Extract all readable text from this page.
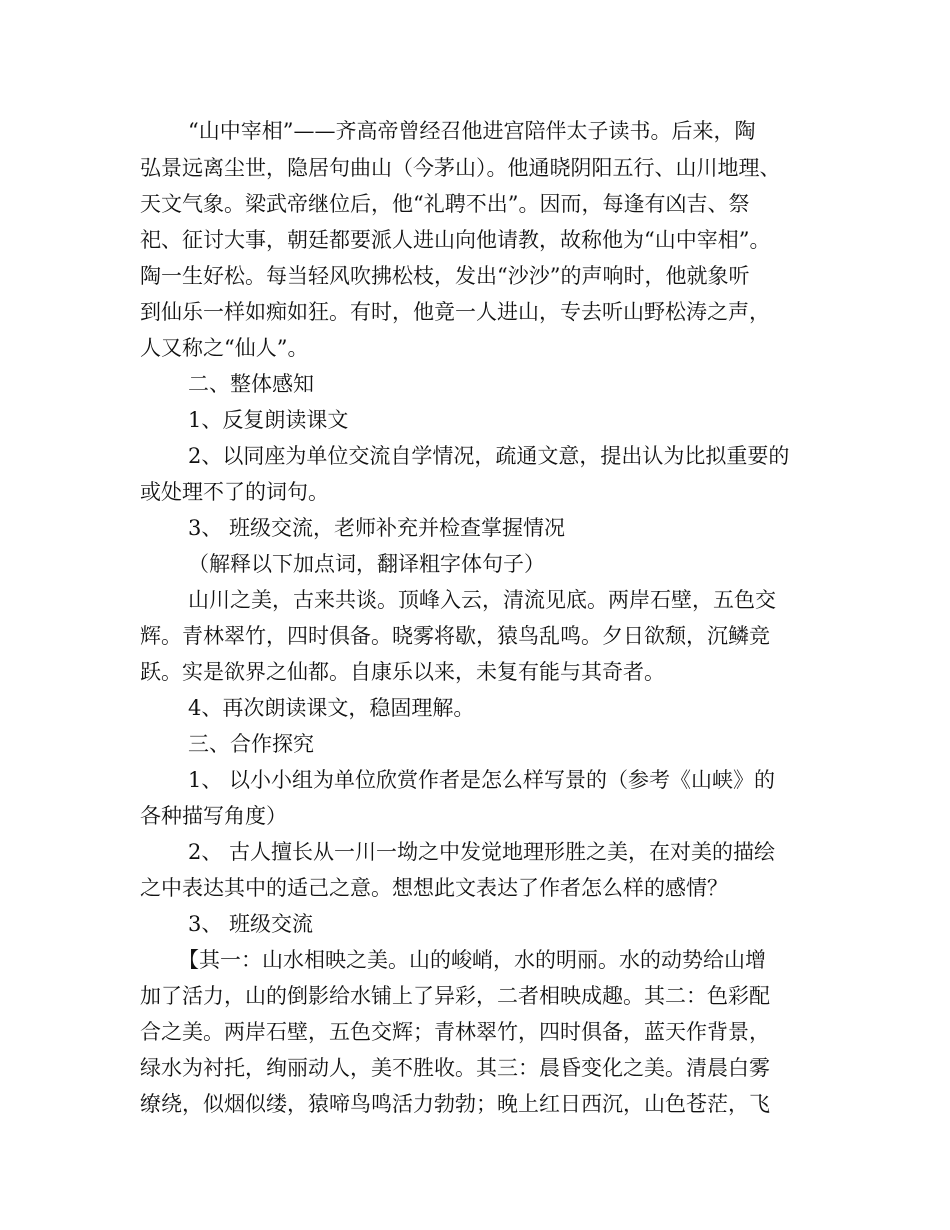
“山中宰相”——齐高帝曾经召他进宫陪伴太子读书。后来，陶
弘景远离尘世，隐居句曲山（今茅山）。他通晓阴阳五行、山川地理、
天文气象。梁武帝继位后，他“礼聘不出”。因而，每逢有凶吉、祭
祀、征讨大事，朝廷都要派人进山向他请教，故称他为“山中宰相”。
陶一生好松。每当轻风吹拂松枝，发出“沙沙”的声响时，他就象听
到仙乐一样如痴如狂。有时，他竟一人进山，专去听山野松涛之声，
人又称之“仙人”。
二、整体感知
1、反复朗读课文
2、以同座为单位交流自学情况，疏通文意，提出认为比拟重要的
或处理不了的词句。
3、 班级交流，老师补充并检查掌握情况
（解释以下加点词，翻译粗字体句子）
山川之美，古来共谈。顶峰入云，清流见底。两岸石壁，五色交
辉。青林翠竹，四时俱备。晓雾将歇，猿鸟乱鸣。夕日欲颓，沉鳞竞
跃。实是欲界之仙都。自康乐以来，未复有能与其奇者。
4、再次朗读课文，稳固理解。
三、合作探究
1、 以小小组为单位欣赏作者是怎么样写景的（参考《山峡》的
各种描写角度）
2、 古人擅长从一川一坳之中发觉地理形胜之美，在对美的描绘
之中表达其中的适己之意。想想此文表达了作者怎么样的感情？
3、 班级交流
【其一：山水相映之美。山的峻峭，水的明丽。水的动势给山增
加了活力，山的倒影给水铺上了异彩，二者相映成趣。其二：色彩配
合之美。两岸石壁，五色交辉；青林翠竹，四时俱备，蓝天作背景，
绿水为衬托，绚丽动人，美不胜收。其三：晨昏变化之美。清晨白雾
缭绕，似烟似缕，猿啼鸟鸣活力勃勃；晚上红日西沉，山色苍茫，飞
